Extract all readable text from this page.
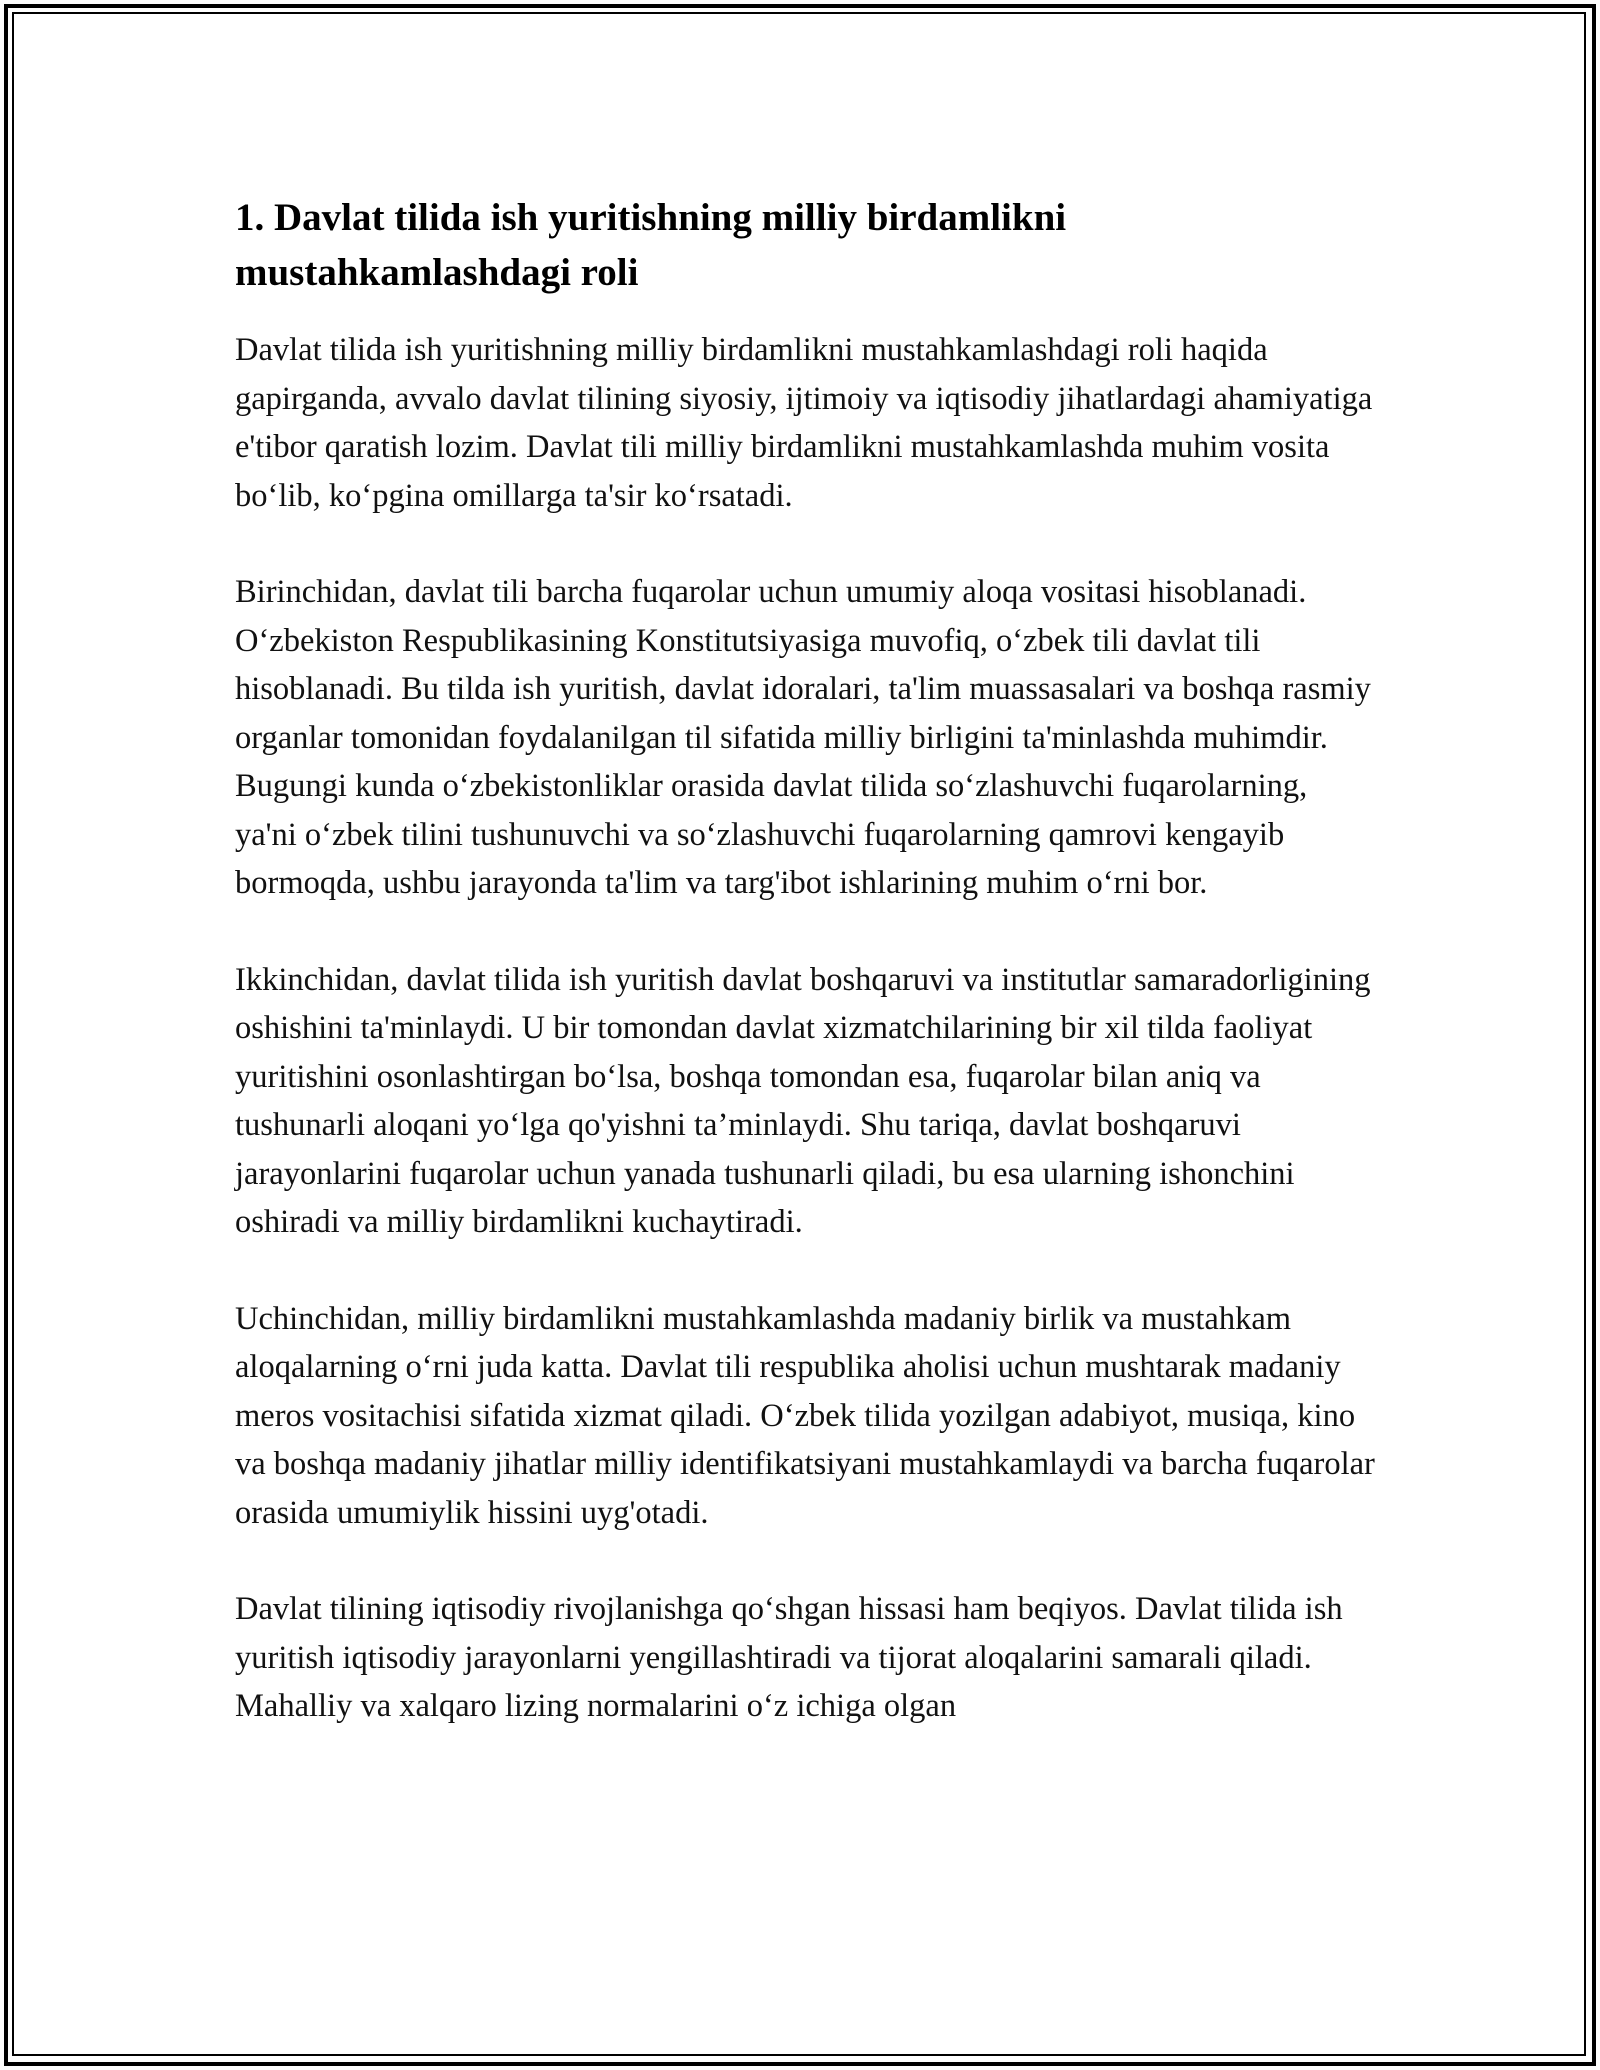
1. Davlat tilida ish yuritishning milliy birdamlikni mustahkamlashdagi roli

Davlat tilida ish yuritishning milliy birdamlikni mustahkamlashdagi roli haqida gapirganda, avvalo davlat tilining siyosiy, ijtimoiy va iqtisodiy jihatlardagi ahamiyatiga e'tibor qaratish lozim. Davlat tili milliy birdamlikni mustahkamlashda muhim vosita bo‘lib, ko‘pgina omillarga ta'sir ko‘rsatadi.

Birinchidan, davlat tili barcha fuqarolar uchun umumiy aloqa vositasi hisoblanadi. O‘zbekiston Respublikasining Konstitutsiyasiga muvofiq, o‘zbek tili davlat tili hisoblanadi. Bu tilda ish yuritish, davlat idoralari, ta'lim muassasalari va boshqa rasmiy organlar tomonidan foydalanilgan til sifatida milliy birligini ta'minlashda muhimdir. Bugungi kunda o‘zbekistonliklar orasida davlat tilida so‘zlashuvchi fuqarolarning, ya'ni o‘zbek tilini tushunuvchi va so‘zlashuvchi fuqarolarning qamrovi kengayib bormoqda, ushbu jarayonda ta'lim va targ'ibot ishlarining muhim o‘rni bor.

Ikkinchidan, davlat tilida ish yuritish davlat boshqaruvi va institutlar samaradorligining oshishini ta'minlaydi. U bir tomondan davlat xizmatchilarining bir xil tilda faoliyat yuritishini osonlashtirgan bo‘lsa, boshqa tomondan esa, fuqarolar bilan aniq va tushunarli aloqani yo‘lga qo'yishni ta’minlaydi. Shu tariqa, davlat boshqaruvi jarayonlarini fuqarolar uchun yanada tushunarli qiladi, bu esa ularning ishonchini oshiradi va milliy birdamlikni kuchaytiradi.

Uchinchidan, milliy birdamlikni mustahkamlashda madaniy birlik va mustahkam aloqalarning o‘rni juda katta. Davlat tili respublika aholisi uchun mushtarak madaniy meros vositachisi sifatida xizmat qiladi. O‘zbek tilida yozilgan adabiyot, musiqa, kino va boshqa madaniy jihatlar milliy identifikatsiyani mustahkamlaydi va barcha fuqarolar orasida umumiylik hissini uyg'otadi.

Davlat tilining iqtisodiy rivojlanishga qo‘shgan hissasi ham beqiyos. Davlat tilida ish yuritish iqtisodiy jarayonlarni yengillashtiradi va tijorat aloqalarini samarali qiladi. Mahalliy va xalqaro lizing normalarini o‘z ichiga olgan
